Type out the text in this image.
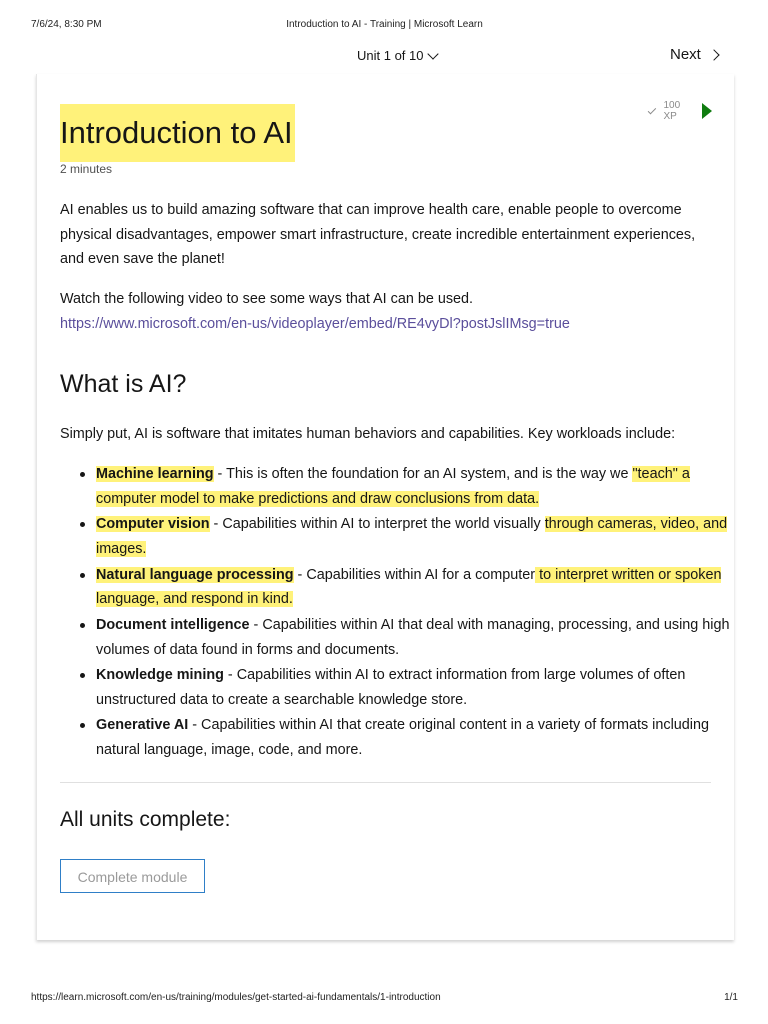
7/6/24, 8:30 PM	Introduction to AI - Training | Microsoft Learn
Unit 1 of 10	Next
100 XP
Introduction to AI
2 minutes

AI enables us to build amazing software that can improve health care, enable people to overcome physical disadvantages, empower smart infrastructure, create incredible entertainment experiences, and even save the planet!

Watch the following video to see some ways that AI can be used.
https://www.microsoft.com/en-us/videoplayer/embed/RE4vyDl?postJslIMsg=true

What is AI?

Simply put, AI is software that imitates human behaviors and capabilities. Key workloads include:

Machine learning - This is often the foundation for an AI system, and is the way we "teach" a computer model to make predictions and draw conclusions from data.
Computer vision - Capabilities within AI to interpret the world visually through cameras, video, and images.
Natural language processing - Capabilities within AI for a computer to interpret written or spoken language, and respond in kind.
Document intelligence - Capabilities within AI that deal with managing, processing, and using high volumes of data found in forms and documents.
Knowledge mining - Capabilities within AI to extract information from large volumes of often unstructured data to create a searchable knowledge store.
Generative AI - Capabilities within AI that create original content in a variety of formats including natural language, image, code, and more.
All units complete:
Complete module
https://learn.microsoft.com/en-us/training/modules/get-started-ai-fundamentals/1-introduction	1/1
